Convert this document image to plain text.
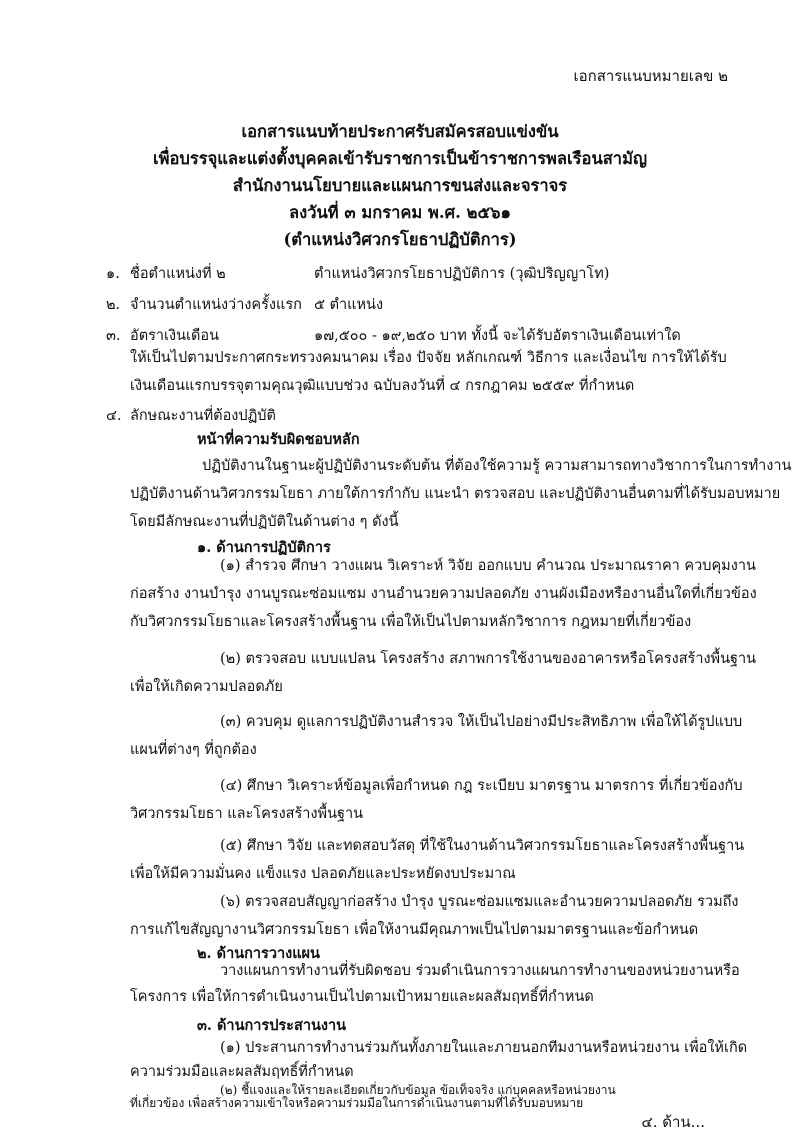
เอกสารแนบหมายเลข ๒
เอกสารแนบท้ายประกาศรับสมัครสอบแข่งขัน
เพื่อบรรจุและแต่งตั้งบุคคลเข้ารับราชการเป็นข้าราชการพลเรือนสามัญ
สำนักงานนโยบายและแผนการขนส่งและจราจร
ลงวันที่ ๓ มกราคม พ.ศ. ๒๕๖๑
(ตำแหน่งวิศวกรโยธาปฏิบัติการ)
๑. ชื่อตำแหน่งที่ ๒	ตำแหน่งวิศวกรโยธาปฏิบัติการ (วุฒิปริญญาโท)
๒. จำนวนตำแหน่งว่างครั้งแรก ๕ ตำแหน่ง
๓. อัตราเงินเดือน	๑๗,๕๐๐ - ๑๙,๒๕๐ บาท ทั้งนี้ จะได้รับอัตราเงินเดือนเท่าใด
ให้เป็นไปตามประกาศกระทรวงคมนาคม เรื่อง ปัจจัย หลักเกณฑ์ วิธีการ และเงื่อนไข การให้ได้รับ
เงินเดือนแรกบรรจุตามคุณวุฒิแบบช่วง ฉบับลงวันที่ ๔ กรกฎาคม ๒๕๕๙ ที่กำหนด
๔. ลักษณะงานที่ต้องปฏิบัติ
หน้าที่ความรับผิดชอบหลัก
ปฏิบัติงานในฐานะผู้ปฏิบัติงานระดับต้น ที่ต้องใช้ความรู้ ความสามารถทางวิชาการในการทำงาน
ปฏิบัติงานด้านวิศวกรรมโยธา ภายใต้การกำกับ แนะนำ ตรวจสอบ และปฏิบัติงานอื่นตามที่ได้รับมอบหมาย
โดยมีลักษณะงานที่ปฏิบัติในด้านต่าง ๆ ดังนี้
๑. ด้านการปฏิบัติการ
(๑) สำรวจ ศึกษา วางแผน วิเคราะห์ วิจัย ออกแบบ คำนวณ ประมาณราคา ควบคุมงาน
ก่อสร้าง งานบำรุง งานบูรณะซ่อมแซม งานอำนวยความปลอดภัย งานผังเมืองหรืองานอื่นใดที่เกี่ยวข้อง
กับวิศวกรรมโยธาและโครงสร้างพื้นฐาน เพื่อให้เป็นไปตามหลักวิชาการ กฎหมายที่เกี่ยวข้อง
(๒) ตรวจสอบ แบบแปลน โครงสร้าง สภาพการใช้งานของอาคารหรือโครงสร้างพื้นฐาน
เพื่อให้เกิดความปลอดภัย
(๓) ควบคุม ดูแลการปฏิบัติงานสำรวจ ให้เป็นไปอย่างมีประสิทธิภาพ เพื่อให้ได้รูปแบบ
แผนที่ต่างๆ ที่ถูกต้อง
(๔) ศึกษา วิเคราะห์ข้อมูลเพื่อกำหนด กฎ ระเบียบ มาตรฐาน มาตรการ ที่เกี่ยวข้องกับ
วิศวกรรมโยธา และโครงสร้างพื้นฐาน
(๕) ศึกษา วิจัย และทดสอบวัสดุ ที่ใช้ในงานด้านวิศวกรรมโยธาและโครงสร้างพื้นฐาน
เพื่อให้มีความมั่นคง แข็งแรง ปลอดภัยและประหยัดงบประมาณ
(๖) ตรวจสอบสัญญาก่อสร้าง บำรุง บูรณะซ่อมแซมและอำนวยความปลอดภัย รวมถึง
การแก้ไขสัญญางานวิศวกรรมโยธา เพื่อให้งานมีคุณภาพเป็นไปตามมาตรฐานและข้อกำหนด
๒. ด้านการวางแผน
วางแผนการทำงานที่รับผิดชอบ ร่วมดำเนินการวางแผนการทำงานของหน่วยงานหรือ
โครงการ เพื่อให้การดำเนินงานเป็นไปตามเป้าหมายและผลสัมฤทธิ์ที่กำหนด
๓. ด้านการประสานงาน
(๑) ประสานการทำงานร่วมกันทั้งภายในและภายนอกทีมงานหรือหน่วยงาน เพื่อให้เกิด
ความร่วมมือและผลสัมฤทธิ์ที่กำหนด
๔. ด้าน...
(๒) ชี้แจงและให้รายละเอียดเกี่ยวกับข้อมูล ข้อเท็จจริง แก่บุคคลหรือหน่วยงาน
ที่เกี่ยวข้อง เพื่อสร้างความเข้าใจหรือความร่วมมือในการดำเนินงานตามที่ได้รับมอบหมาย
